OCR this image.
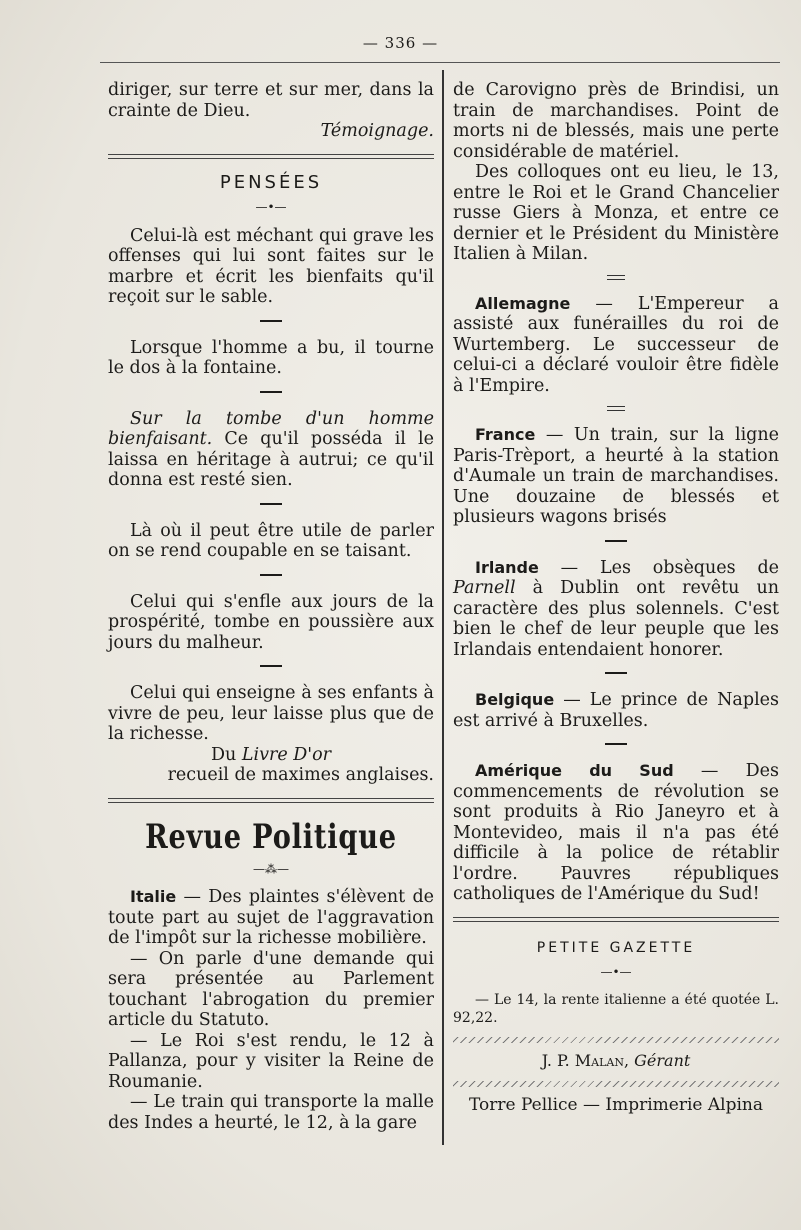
— 336 —

diriger, sur terre et sur mer, dans la crainte de Dieu.

Témoignage.

PENSÉES
—•—

Celui-là est méchant qui grave les offenses qui lui sont faites sur le marbre et écrit les bienfaits qu'il reçoit sur le sable.

Lorsque l'homme a bu, il tourne le dos à la fontaine.

Sur la tombe d'un homme bienfaisant. Ce qu'il posséda il le laissa en héritage à autrui; ce qu'il donna est resté sien.

Là où il peut être utile de parler on se rend coupable en se taisant.

Celui qui s'enfle aux jours de la prospérité, tombe en poussière aux jours du malheur.

Celui qui enseigne à ses enfants à vivre de peu, leur laisse plus que de la richesse.

Du Livre D'or

recueil de maximes anglaises.

Revue Politique
—⁂—

Italie — Des plaintes s'élèvent de toute part au sujet de l'aggravation de l'impôt sur la richesse mobilière.

— On parle d'une demande qui sera présentée au Parlement touchant l'abrogation du premier article du Statuto.

— Le Roi s'est rendu, le 12 à Pallanza, pour y visiter la Reine de Roumanie.

— Le train qui transporte la malle des Indes a heurté, le 12, à la gare

de Carovigno près de Brindisi, un train de marchandises. Point de morts ni de blessés, mais une perte considérable de matériel.

Des colloques ont eu lieu, le 13, entre le Roi et le Grand Chancelier russe Giers à Monza, et entre ce dernier et le Président du Ministère Italien à Milan.

Allemagne — L'Empereur a assisté aux funérailles du roi de Wurtemberg. Le successeur de celui-ci a déclaré vouloir être fidèle à l'Empire.

France — Un train, sur la ligne Paris-Trèport, a heurté à la station d'Aumale un train de marchandises. Une douzaine de blessés et plusieurs wagons brisés

Irlande — Les obsèques de Parnell à Dublin ont revêtu un caractère des plus solennels. C'est bien le chef de leur peuple que les Irlandais entendaient honorer.

Belgique — Le prince de Naples est arrivé à Bruxelles.

Amérique du Sud — Des commencements de révolution se sont produits à Rio Janeyro et à Montevideo, mais il n'a pas été difficile à la police de rétablir l'ordre. Pauvres républiques catholiques de l'Amérique du Sud!

PETITE GAZETTE
—•—

— Le 14, la rente italienne a été quotée L. 92,22.

J. P. Malan, Gérant

Torre Pellice — Imprimerie Alpina
